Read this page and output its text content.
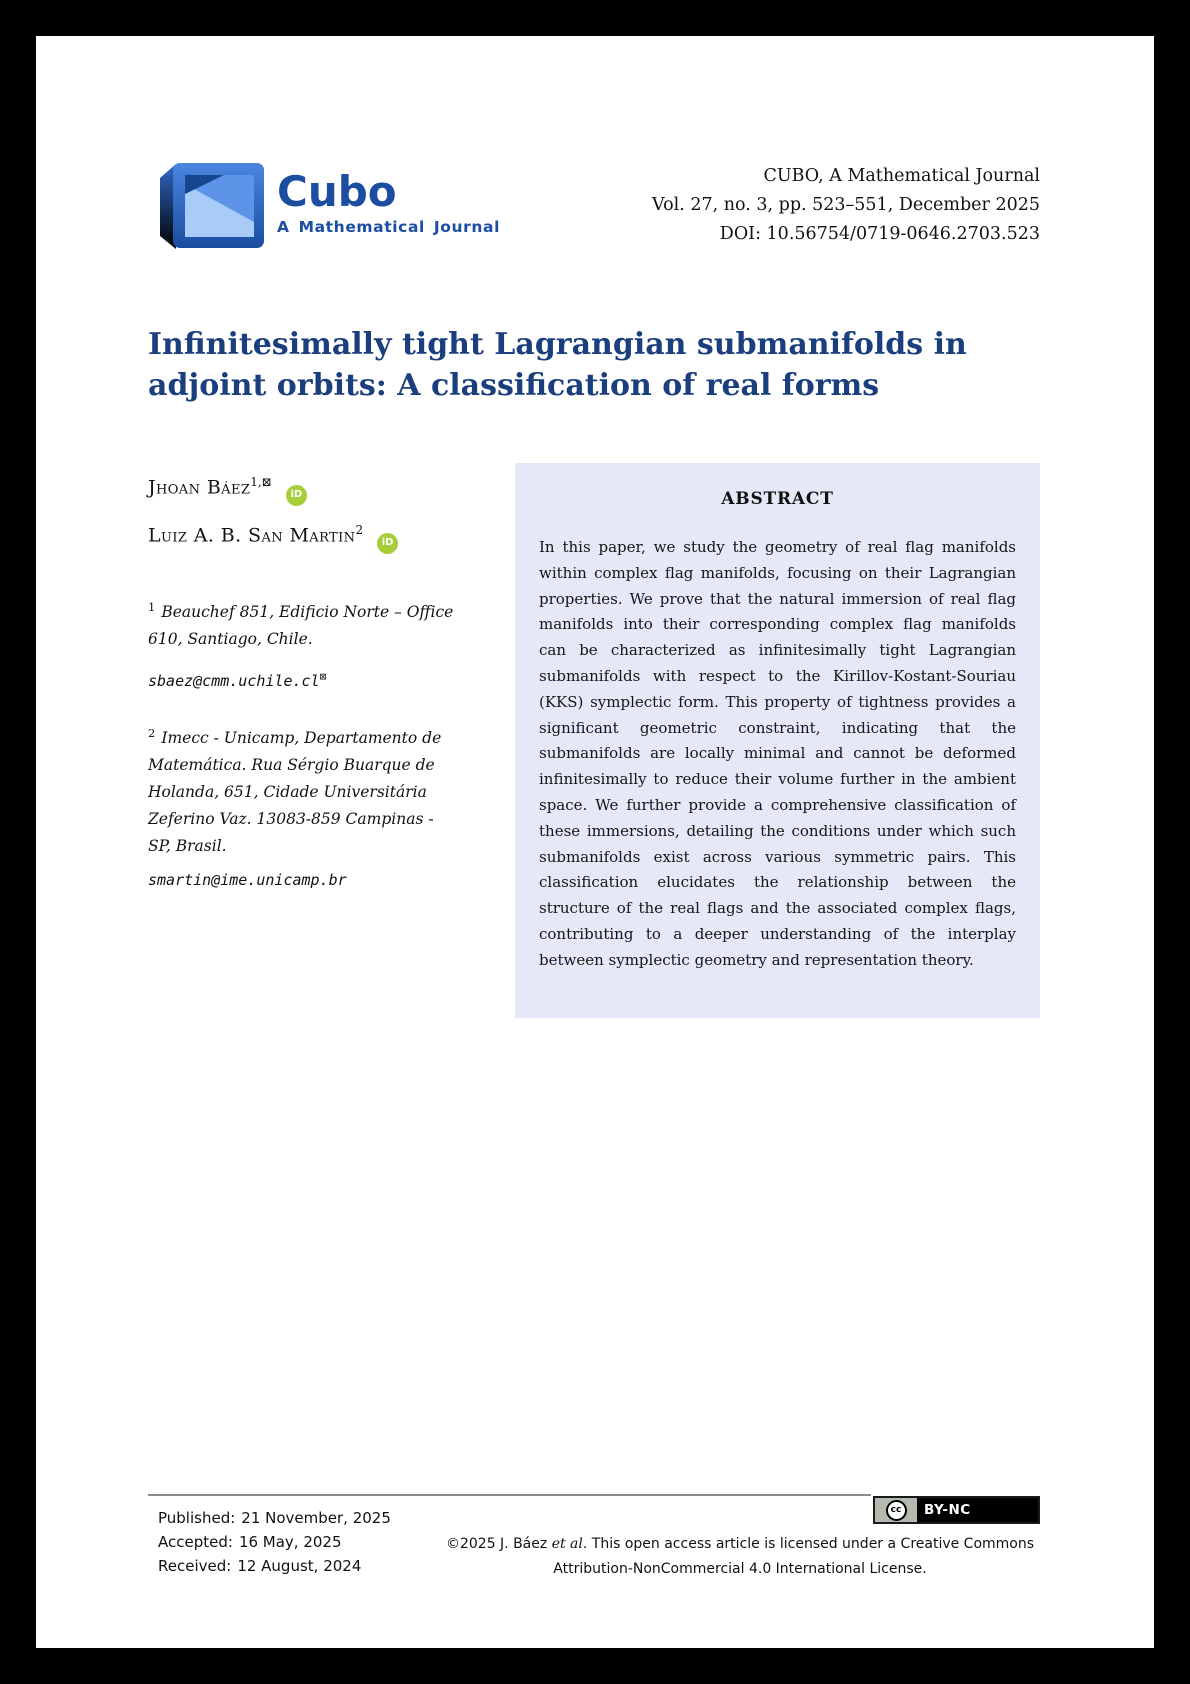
Cubo
A Mathematical Journal
CUBO, A Mathematical Journal
Vol. 27, no. 3, pp. 523–551, December 2025
DOI: 10.56754/0719-0646.2703.523
Infinitesimally tight Lagrangian submanifolds in adjoint orbits: A classification of real forms
Jhoan Báez$^{1,⊠}$ iD
Luiz A. B. San Martin$^2$ iD

$^1$ Beauchef 851, Edificio Norte – Office 610, Santiago, Chile.

sbaez@cmm.uchile.cl⊠

$^2$ Imecc - Unicamp, Departamento de Matemática. Rua Sérgio Buarque de Holanda, 651, Cidade Universitária Zeferino Vaz. 13083-859 Campinas - SP, Brasil.

smartin@ime.unicamp.br

ABSTRACT

In this paper, we study the geometry of real flag manifolds within complex flag manifolds, focusing on their Lagrangian properties. We prove that the natural immersion of real flag manifolds into their corresponding complex flag manifolds can be characterized as infinitesimally tight Lagrangian submanifolds with respect to the Kirillov-Kostant-Souriau (KKS) symplectic form. This property of tightness provides a significant geometric constraint, indicating that the submanifolds are locally minimal and cannot be deformed infinitesimally to reduce their volume further in the ambient space. We further provide a comprehensive classification of these immersions, detailing the conditions under which such submanifolds exist across various symmetric pairs. This classification elucidates the relationship between the structure of the real flags and the associated complex flags, contributing to a deeper understanding of the interplay between symplectic geometry and representation theory.

cc	BY-NC
Published: 21 November, 2025
Accepted: 16 May, 2025
Received: 12 August, 2024
©2025 J. Báez et al. This open access article is licensed under a Creative Commons
Attribution-NonCommercial 4.0 International License.
